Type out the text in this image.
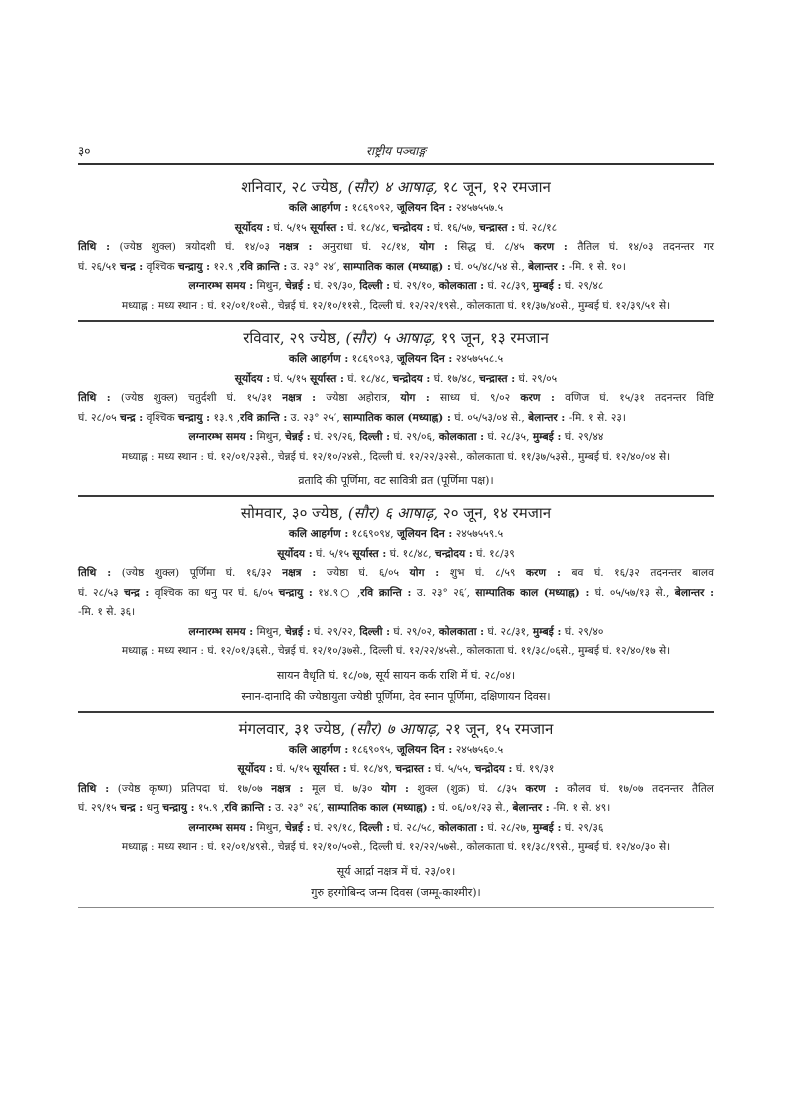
३०	राष्ट्रीय पञ्चाङ्ग
शनिवार, २८ ज्येष्ठ, (सौर) ४ आषाढ़, १८ जून, १२ रमजान
कलि आहर्गण : १८६९०९२, जूलियन दिन : २४५७५५७.५
सूर्योदय : घं. ५/१५ सूर्यास्त : घं. १८/४८, चन्द्रोदय : घं. १६/५७, चन्द्रास्त : घं. २८/१८
तिथि : (ज्येष्ठ शुक्ल) त्रयोदशी घं. १४/०३ नक्षत्र : अनुराधा घं. २८/१४, योग : सिद्ध घं. ८/४५ करण : तैतिल घं. १४/०३ तदनन्तर गर
घं. २६/५१ चन्द्र : वृश्चिक चन्द्रायु : १२.९ ,रवि क्रान्ति : उ. २३° २४′, साम्पातिक काल (मध्याह्न) : घं. ०५/४८/५४ से., बेलान्तर : -मि. १ से. १०।
लग्नारम्भ समय : मिथुन, चेन्नई : घं. २९/३०, दिल्ली : घं. २९/१०, कोलकाता : घं. २८/३९, मुम्बई : घं. २९/४८
मध्याह्न : मध्य स्थान : घं. १२/०१/१०से., चेन्नई घं. १२/१०/११से., दिल्ली घं. १२/२२/१९से., कोलकाता घं. ११/३७/४०से., मुम्बई घं. १२/३९/५१ से।
रविवार, २९ ज्येष्ठ, (सौर) ५ आषाढ़, १९ जून, १३ रमजान
कलि आहर्गण : १८६९०९३, जूलियन दिन : २४५७५५८.५
सूर्योदय : घं. ५/१५ सूर्यास्त : घं. १८/४८, चन्द्रोदय : घं. १७/४८, चन्द्रास्त : घं. २९/०५
तिथि : (ज्येष्ठ शुक्ल) चतुर्दशी घं. १५/३१ नक्षत्र : ज्येष्ठा अहोरात्र, योग : साध्य घं. ९/०२ करण : वणिज घं. १५/३१ तदनन्तर विष्टि
घं. २८/०५ चन्द्र : वृश्चिक चन्द्रायु : १३.९ ,रवि क्रान्ति : उ. २३° २५′, साम्पातिक काल (मध्याह्न) : घं. ०५/५३/०४ से., बेलान्तर : -मि. १ से. २३।
लग्नारम्भ समय : मिथुन, चेन्नई : घं. २९/२६, दिल्ली : घं. २९/०६, कोलकाता : घं. २८/३५, मुम्बई : घं. २९/४४
मध्याह्न : मध्य स्थान : घं. १२/०१/२३से., चेन्नई घं. १२/१०/२४से., दिल्ली घं. १२/२२/३२से., कोलकाता घं. ११/३७/५३से., मुम्बई घं. १२/४०/०४ से।
व्रतादि की पूर्णिमा, वट सावित्री व्रत (पूर्णिमा पक्ष)।
सोमवार, ३० ज्येष्ठ, (सौर) ६ आषाढ़, २० जून, १४ रमजान
कलि आहर्गण : १८६९०९४, जूलियन दिन : २४५७५५९.५
सूर्योदय : घं. ५/१५ सूर्यास्त : घं. १८/४८, चन्द्रोदय : घं. १८/३९
तिथि : (ज्येष्ठ शुक्ल) पूर्णिमा घं. १६/३२ नक्षत्र : ज्येष्ठा घं. ६/०५ योग : शुभ घं. ८/५९ करण : बव घं. १६/३२ तदनन्तर बालव
घं. २८/५३ चन्द्र : वृश्चिक का धनु पर घं. ६/०५ चन्द्रायु : १४.९○ ,रवि क्रान्ति : उ. २३° २६′, साम्पातिक काल (मध्याह्न) : घं. ०५/५७/१३ से., बेलान्तर :
-मि. १ से. ३६।
लग्नारम्भ समय : मिथुन, चेन्नई : घं. २९/२२, दिल्ली : घं. २९/०२, कोलकाता : घं. २८/३१, मुम्बई : घं. २९/४०
मध्याह्न : मध्य स्थान : घं. १२/०१/३६से., चेन्नई घं. १२/१०/३७से., दिल्ली घं. १२/२२/४५से., कोलकाता घं. ११/३८/०६से., मुम्बई घं. १२/४०/१७ से।
सायन वैधृति घं. १८/०७, सूर्य सायन कर्क राशि में घं. २८/०४।
स्नान-दानादि की ज्येष्ठायुता ज्येष्ठी पूर्णिमा, देव स्नान पूर्णिमा, दक्षिणायन दिवस।
मंगलवार, ३१ ज्येष्ठ, (सौर) ७ आषाढ़, २१ जून, १५ रमजान
कलि आहर्गण : १८६९०९५, जूलियन दिन : २४५७५६०.५
सूर्योदय : घं. ५/१५ सूर्यास्त : घं. १८/४९, चन्द्रास्त : घं. ५/५५, चन्द्रोदय : घं. १९/३१
तिथि : (ज्येष्ठ कृष्ण) प्रतिपदा घं. १७/०७ नक्षत्र : मूल घं. ७/३० योग : शुक्ल (शुक्र) घं. ८/३५ करण : कौलव घं. १७/०७ तदनन्तर तैतिल
घं. २९/१५ चन्द्र : धनु चन्द्रायु : १५.९ ,रवि क्रान्ति : उ. २३° २६′, साम्पातिक काल (मध्याह्न) : घं. ०६/०१/२३ से., बेलान्तर : -मि. १ से. ४९।
लग्नारम्भ समय : मिथुन, चेन्नई : घं. २९/१८, दिल्ली : घं. २८/५८, कोलकाता : घं. २८/२७, मुम्बई : घं. २९/३६
मध्याह्न : मध्य स्थान : घं. १२/०१/४९से., चेन्नई घं. १२/१०/५०से., दिल्ली घं. १२/२२/५७से., कोलकाता घं. ११/३८/१९से., मुम्बई घं. १२/४०/३० से।
सूर्य आर्द्रा नक्षत्र में घं. २३/०१।
गुरु हरगोबिन्द जन्म दिवस (जम्मू-काश्मीर)।
